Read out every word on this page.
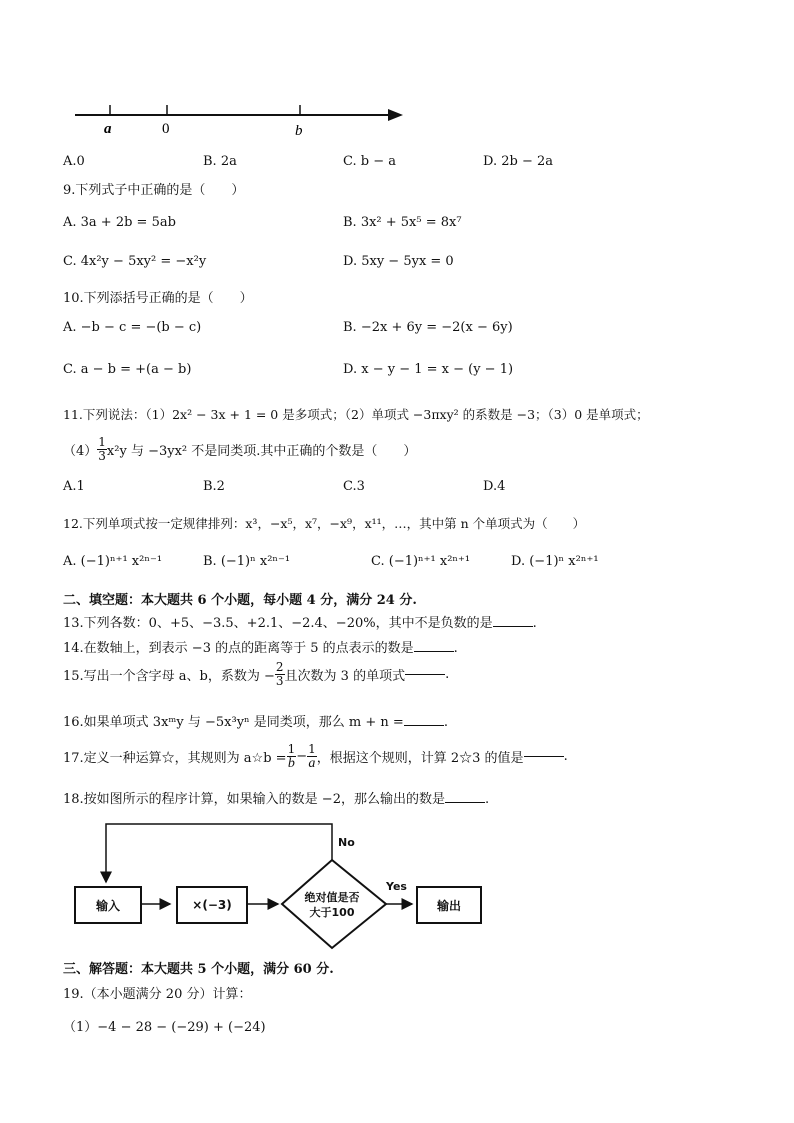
a	0	b
A.0	B. 2a	C. b − a	D. 2b − 2a
9.下列式子中正确的是（　　）
A. 3a + 2b = 5ab	B. 3x² + 5x⁵ = 8x⁷
C. 4x²y − 5xy² = −x²y	D. 5xy − 5yx = 0
10.下列添括号正确的是（　　）
A. −b − c = −(b − c)	B. −2x + 6y = −2(x − 6y)
C. a − b = +(a − b)	D. x − y − 1 = x − (y − 1)
11.下列说法：（1）2x² − 3x + 1 = 0 是多项式；（2）单项式 −3πxy² 的系数是 −3；（3）0 是单项式；
$(4) \frac{1}{3} x^2y$ 与 −3yx² 不是同类项.其中正确的个数是（　　）
A.1	B.2	C.3	D.4
12.下列单项式按一定规律排列：x³，−x⁵，x⁷，−x⁹，x¹¹，…，其中第 n 个单项式为（　　）
A. (−1)ⁿ⁺¹ x²ⁿ⁻¹	B. (−1)ⁿ x²ⁿ⁻¹	C. (−1)ⁿ⁺¹ x²ⁿ⁺¹	D. (−1)ⁿ x²ⁿ⁺¹
二、填空题：本大题共 6 个小题，每小题 4 分，满分 24 分.
13.下列各数：0、+5、−3.5、+2.1、−2.4、−20%，其中不是负数的是	.
14.在数轴上，到表示 −3 的点的距离等于 5 的点表示的数是	.
15.写出一个含字母 a、b，系数为 − $\frac{2}{3}$ 且次数为 3 的单项式	.
16.如果单项式 3xᵐy 与 −5x³yⁿ 是同类项，那么 m + n =	.
17.定义一种运算☆，其规则为 a☆b = $\frac{1}{b} - \frac{1}{a}$ ，根据这个规则，计算 2☆3 的值是	.
18.按如图所示的程序计算，如果输入的数是 −2，那么输出的数是	.
输入	×(−3)
绝对值是否
大于100	输出
Yes
No
三、解答题：本大题共 5 个小题，满分 60 分.
19.（本小题满分 20 分）计算：
（1）−4 − 28 − (−29) + (−24)
